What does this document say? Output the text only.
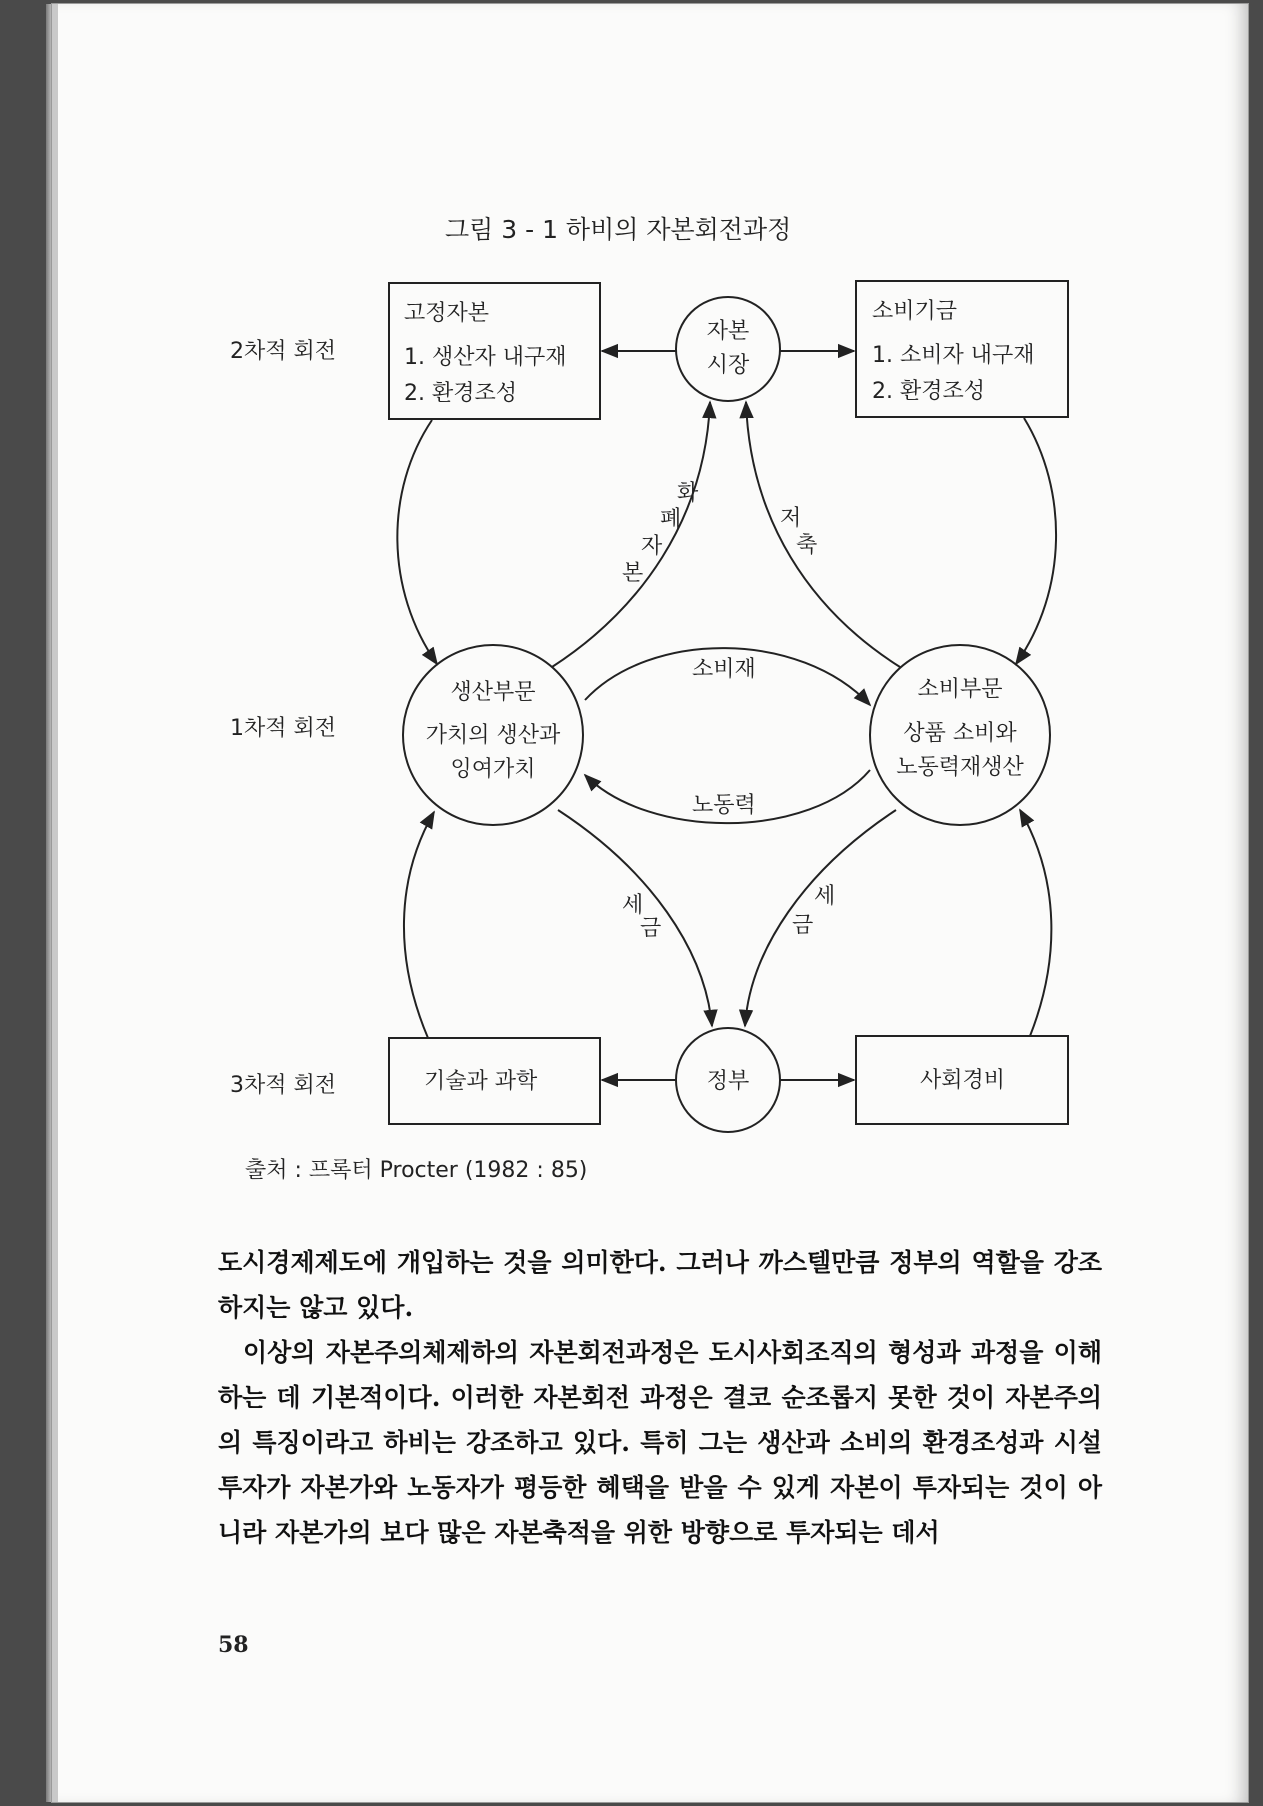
그림 3 - 1 하비의 자본회전과정
2차적 회전
1차적 회전
3차적 회전
고정자본
1. 생산자 내구재
2. 환경조성
소비기금
1. 소비자 내구재
2. 환경조성
기술과 과학	사회경비
자본
시장
생산부문
가치의 생산과
잉여가치
소비부문
상품 소비와
노동력재생산
정부
화
폐
자
본
저
축
소비재
노동력
세
금
세
금
출처 : 프록터 Procter (1982 : 85)

도시경제제도에 개입하는 것을 의미한다. 그러나 까스텔만큼 정부의 역할을 강조하지는 않고 있다.

이상의 자본주의체제하의 자본회전과정은 도시사회조직의 형성과 과정을 이해하는 데 기본적이다. 이러한 자본회전 과정은 결코 순조롭지 못한 것이 자본주의의 특징이라고 하비는 강조하고 있다. 특히 그는 생산과 소비의 환경조성과 시설투자가 자본가와 노동자가 평등한 혜택을 받을 수 있게 자본이 투자되는 것이 아니라 자본가의 보다 많은 자본축적을 위한 방향으로 투자되는 데서

58
